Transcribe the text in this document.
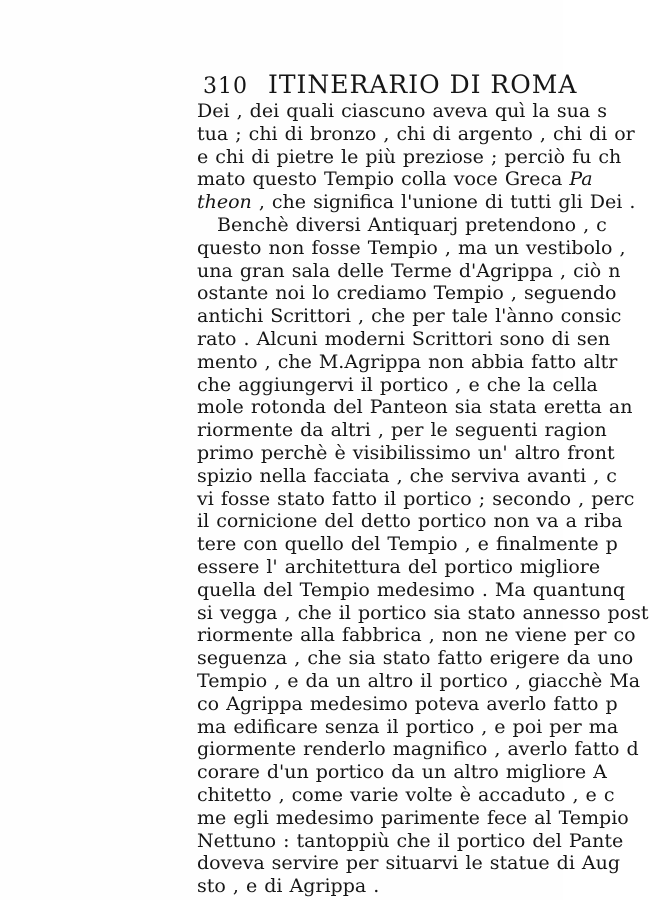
310 ITINERARIO DI ROMA
Dei , dei quali ciascuno aveva quì la sua s
tua ; chi di bronzo , chi di argento , chi di or
e chi di pietre le più preziose ; perciò fu ch
mato questo Tempio colla voce Greca Pa
theon , che significa l'unione di tutti gli Dei .
Benchè diversi Antiquarj pretendono , c
questo non fosse Tempio , ma un vestibolo ,
una gran sala delle Terme d'Agrippa , ciò n
ostante noi lo crediamo Tempio , seguendo
antichi Scrittori , che per tale l'ànno consic
rato . Alcuni moderni Scrittori sono di sen
mento , che M.Agrippa non abbia fatto altr
che aggiungervi il portico , e che la cella
mole rotonda del Panteon sia stata eretta an
riormente da altri , per le seguenti ragion
primo perchè è visibilissimo un' altro front
spizio nella facciata , che serviva avanti , c
vi fosse stato fatto il portico ; secondo , perc
il cornicione del detto portico non va a riba
tere con quello del Tempio , e finalmente p
essere l' architettura del portico migliore
quella del Tempio medesimo . Ma quantunq
si vegga , che il portico sia stato annesso post
riormente alla fabbrica , non ne viene per co
seguenza , che sia stato fatto erigere da uno
Tempio , e da un altro il portico , giacchè Ma
co Agrippa medesimo poteva averlo fatto p
ma edificare senza il portico , e poi per ma
giormente renderlo magnifico , averlo fatto d
corare d'un portico da un altro migliore A
chitetto , come varie volte è accaduto , e c
me egli medesimo parimente fece al Tempio
Nettuno : tantoppiù che il portico del Pante
doveva servire per situarvi le statue di Aug
sto , e di Agrippa .
